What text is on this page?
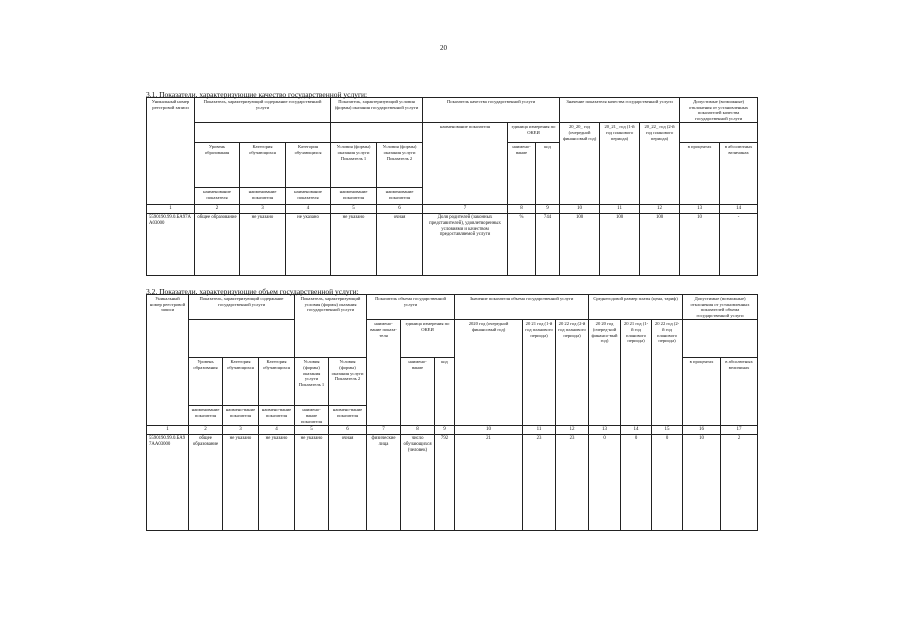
20
3.1. Показатели, характеризующие качество государственной услуги:
Уникальный номер реестровой записи	Показатель, характеризующий содержание государственной услуги			Показатель, характеризующий условия (формы) оказания государственной услуги		Показатель качества государственной услуги			Значение показателя качества государственной услуги			Допустимые (возможные) отклонения от установленных показателей качества государственной услуги	
						наименование показателя	единица измерения по ОКЕИ		20_20_ год (очередной финансовый год)	20_21_ год (1-й год планового периода)	20_22_ год (2-й год планового периода)		
	Уровень образования	Категория обучающихся	Категория обучающихся	Условия (формы) оказания услуги Показатель 1	Условия (формы) оказания услуги Показатель 2		наимено-вание	код				в процентах	в абсолютных величинах
	наименование показателя	наименование показателя	наименование показателя	наименование показателя	наименование показателя								
1	2	3	4	5	6	7	8	9	10	11	12	13	14
5590190.99.0.БА97АА03000	общее образование	не указано	не указано	не указано	очная	Доля родителей (законных представителей), удовлетворенных условиями и качеством предоставляемой услуги	%	744	100	100	100	10	-
3.2. Показатели, характеризующие объем государственной услуги:
Уникальный номер реестровой записи	Показатель, характеризующий содержание государственной услуги			Показатель, характеризующий условия (формы) оказания государственной услуги		Показатель объема государственной услуги			Значение показателя объема государственной услуги			Среднегодовой размер платы (цена, тариф)			Допустимые (возможные) отклонения от установленных показателей объема государственной услуги	
						наимено-вание показа-теля	единица измерения по ОКЕИ		2020 год (очередной финансовый год)	20 21 год (1-й год планового периода)	20 22 год (2-й год планового периода)	20 20 год (очеред-ной финансо-вый год)	20 21 год (1-й год планового периода)	20 22 год (2-й год планового периода)		
	Уровень образования	Категория обучающихся	Категория обучающихся	Условия (формы) оказания услуги Показатель 1	Условия (формы) оказания услуги Показатель 2		наимено-вание	код							в процентах	в абсолютных величинах
	наименование показателя	наимено-вание показателя	наимено-вание показателя	наимено-вание показателя	наимено-вание показателя											
1	2	3	4	5	6	7	8	9	10	11	12	13	14	15	16	17
5590190.99.0.БА97АА03000	общее образование	не указано	не указано	не указано	очная	физические лица	число обучающихся (человек)	792	21	23	23	0	0	0	10	2
